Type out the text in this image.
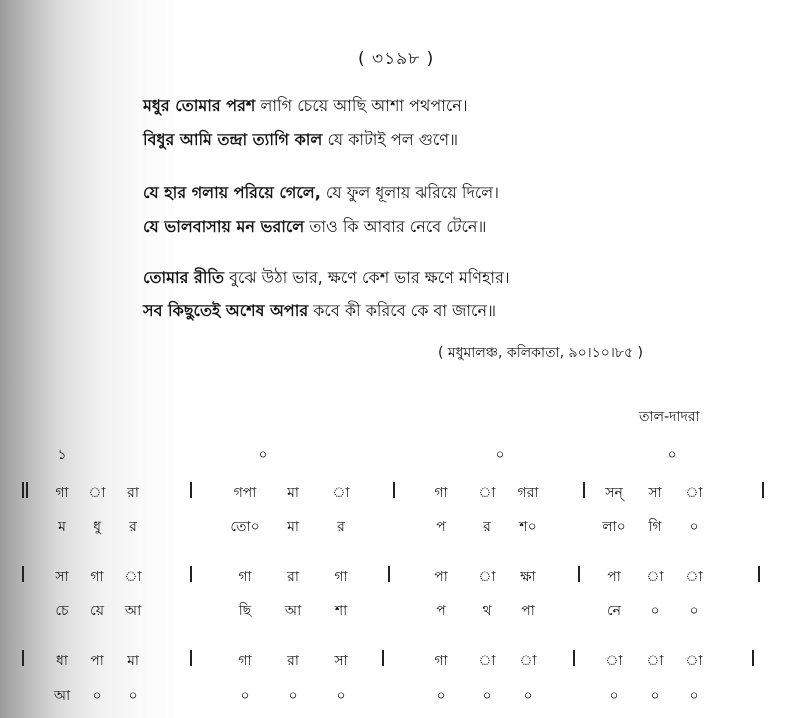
( ৩১৯৮ )
মধুর তোমার পরশ লাগি চেয়ে আছি আশা পথপানে।
বিধুর আমি তন্দ্রা ত্যাগি কাল যে কাটাই পল গুণে॥
যে হার গলায় পরিয়ে গেলে, যে ফুল ধূলায় ঝরিয়ে দিলে।
যে ভালবাসায় মন ভরালে তাও কি আবার নেবে টেনে॥
তোমার রীতি বুঝে উঠা ভার, ক্ষণে কেশ ভার ক্ষণে মণিহার।
সব কিছুতেই অশেষ অপার কবে কী করিবে কে বা জানে॥
( মধুমালঞ্চ, কলিকাতা, ৯০।১০।৮৫ )
তাল-দাদরা
১	০	০	০
গা া রা	গপা মা া	গা া গরা	সন্ সা া
ম ধু র	তো০ মা	র	প	র শ০	লা০ গি ০
সা গা া	গা	রা	গা	পা া ক্ষা	পা া া
চে য়ে আ	ছি আ শা	প	থ পা	নে ০ ০
ধা পা মা	গা	রা	সা	গা া া	া া া
আ ০ ০	০	০	০	০	০ ০	০ ০ ০
